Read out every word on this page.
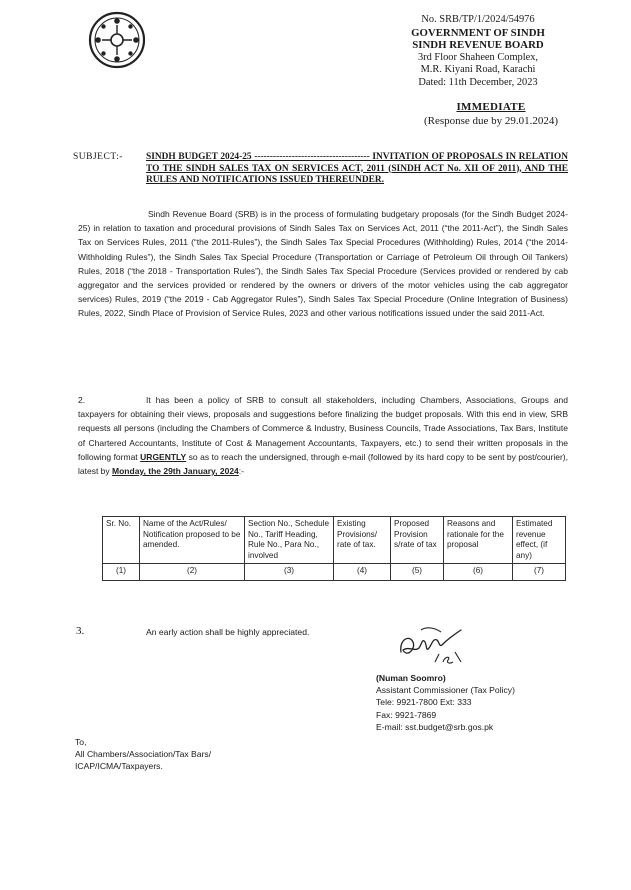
No. SRB/TP/1/2024/54976
GOVERNMENT OF SINDH
SINDH REVENUE BOARD
3rd Floor Shaheen Complex,
M.R. Kiyani Road, Karachi
Dated: 11th December, 2023
IMMEDIATE
(Response due by 29.01.2024)
SUBJECT:- SINDH BUDGET 2024-25 ------------------------------------- INVITATION OF PROPOSALS IN RELATION TO THE SINDH SALES TAX ON SERVICES ACT, 2011 (SINDH ACT No. XII OF 2011), AND THE RULES AND NOTIFICATIONS ISSUED THEREUNDER.
Sindh Revenue Board (SRB) is in the process of formulating budgetary proposals (for the Sindh Budget 2024-25) in relation to taxation and procedural provisions of Sindh Sales Tax on Services Act, 2011 (“the 2011-Act”), the Sindh Sales Tax on Services Rules, 2011 (“the 2011-Rules”), the Sindh Sales Tax Special Procedures (Withholding) Rules, 2014 (“the 2014-Withholding Rules”), the Sindh Sales Tax Special Procedure (Transportation or Carriage of Petroleum Oil through Oil Tankers) Rules, 2018 (“the 2018 - Transportation Rules”), the Sindh Sales Tax Special Procedure (Services provided or rendered by cab aggregator and the services provided or rendered by the owners or drivers of the motor vehicles using the cab aggregator services) Rules, 2019 (“the 2019 - Cab Aggregator Rules”), Sindh Sales Tax Special Procedure (Online Integration of Business) Rules, 2022, Sindh Place of Provision of Service Rules, 2023 and other various notifications issued under the said 2011-Act.
2.	It has been a policy of SRB to consult all stakeholders, including Chambers, Associations, Groups and taxpayers for obtaining their views, proposals and suggestions before finalizing the budget proposals. With this end in view, SRB requests all persons (including the Chambers of Commerce & Industry, Business Councils, Trade Associations, Tax Bars, Institute of Chartered Accountants, Institute of Cost & Management Accountants, Taxpayers, etc.) to send their written proposals in the following format URGENTLY so as to reach the undersigned, through e-mail (followed by its hard copy to be sent by post/courier), latest by Monday, the 29th January, 2024:-
Sr. No.	Name of the Act/Rules/ Notification proposed to be amended.	Section No., Schedule No., Tariff Heading, Rule No., Para No., involved	Existing Provisions/ rate of tax.	Proposed Provision s/rate of tax	Reasons and rationale for the proposal	Estimated revenue effect, (if any)
(1)	(2)	(3)	(4)	(5)	(6)	(7)
3.	An early action shall be highly appreciated.
(Numan Soomro)
Assistant Commissioner (Tax Policy)
Tele: 9921-7800 Ext: 333
Fax: 9921-7869
E-mail: sst.budget@srb.gos.pk
To,
All Chambers/Association/Tax Bars/
ICAP/ICMA/Taxpayers.
